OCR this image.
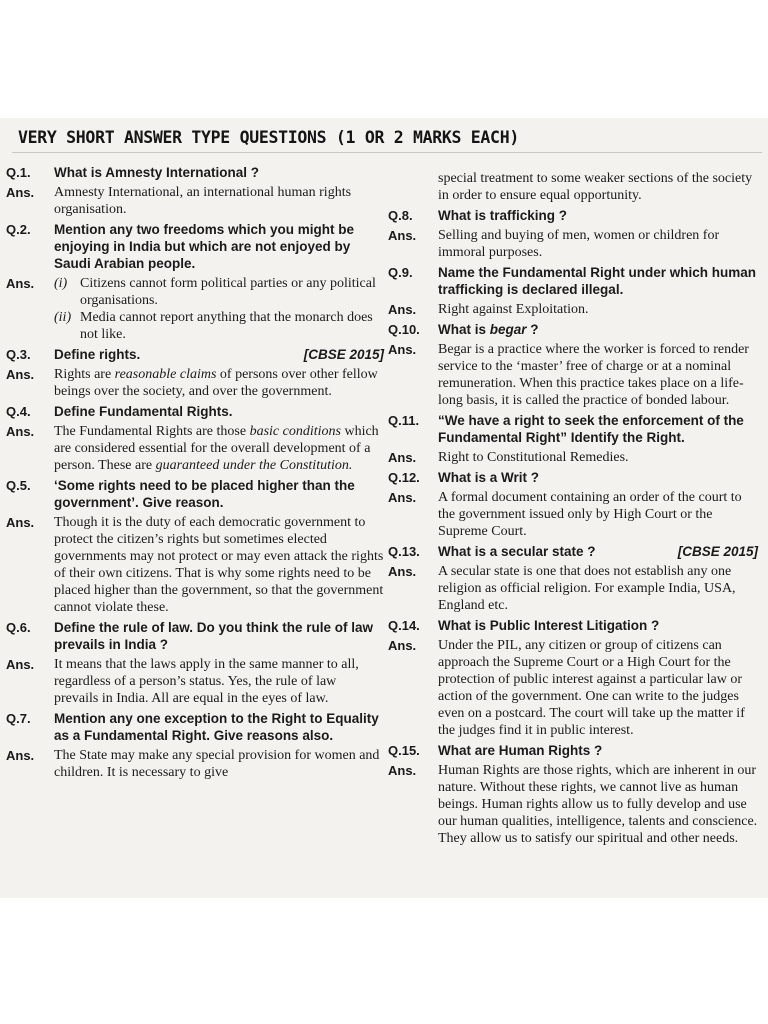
VERY SHORT ANSWER TYPE QUESTIONS (1 OR 2 MARKS EACH)
Q.1.	What is Amnesty International ?
Ans.	Amnesty International, an international human rights organisation.
Q.2.	Mention any two freedoms which you might be enjoying in India but which are not enjoyed by Saudi Arabian people.
Ans.	(i) Citizens cannot form political parties or any political organisations.
(ii) Media cannot report anything that the monarch does not like.
Q.3.	Define rights.	[CBSE 2015]
Ans.	Rights are reasonable claims of persons over other fellow beings over the society, and over the government.
Q.4.	Define Fundamental Rights.
Ans.	The Fundamental Rights are those basic conditions which are considered essential for the overall development of a person. These are guaranteed under the Constitution.
Q.5.	‘Some rights need to be placed higher than the government’. Give reason.
Ans.	Though it is the duty of each democratic government to protect the citizen’s rights but sometimes elected governments may not protect or may even attack the rights of their own citizens. That is why some rights need to be placed higher than the government, so that the government cannot violate these.
Q.6.	Define the rule of law. Do you think the rule of law prevails in India ?
Ans.	It means that the laws apply in the same manner to all, regardless of a person’s status. Yes, the rule of law prevails in India. All are equal in the eyes of law.
Q.7.	Mention any one exception to the Right to Equality as a Fundamental Right. Give reasons also.
Ans.	The State may make any special provision for women and children. It is necessary to give
special treatment to some weaker sections of the society in order to ensure equal opportunity.
Q.8.	What is trafficking ?
Ans.	Selling and buying of men, women or children for immoral purposes.
Q.9.	Name the Fundamental Right under which human trafficking is declared illegal.
Ans.	Right against Exploitation.
Q.10.	What is begar ?
Ans.	Begar is a practice where the worker is forced to render service to the ‘master’ free of charge or at a nominal remuneration. When this practice takes place on a life-long basis, it is called the practice of bonded labour.
Q.11.	“We have a right to seek the enforcement of the Fundamental Right” Identify the Right.
Ans.	Right to Constitutional Remedies.
Q.12.	What is a Writ ?
Ans.	A formal document containing an order of the court to the government issued only by High Court or the Supreme Court.
Q.13.	What is a secular state ?	[CBSE 2015]
Ans.	A secular state is one that does not establish any one religion as official religion. For example India, USA, England etc.
Q.14.	What is Public Interest Litigation ?
Ans.	Under the PIL, any citizen or group of citizens can approach the Supreme Court or a High Court for the protection of public interest against a particular law or action of the government. One can write to the judges even on a postcard. The court will take up the matter if the judges find it in public interest.
Q.15.	What are Human Rights ?
Ans.	Human Rights are those rights, which are inherent in our nature. Without these rights, we cannot live as human beings. Human rights allow us to fully develop and use our human qualities, intelligence, talents and conscience. They allow us to satisfy our spiritual and other needs.
